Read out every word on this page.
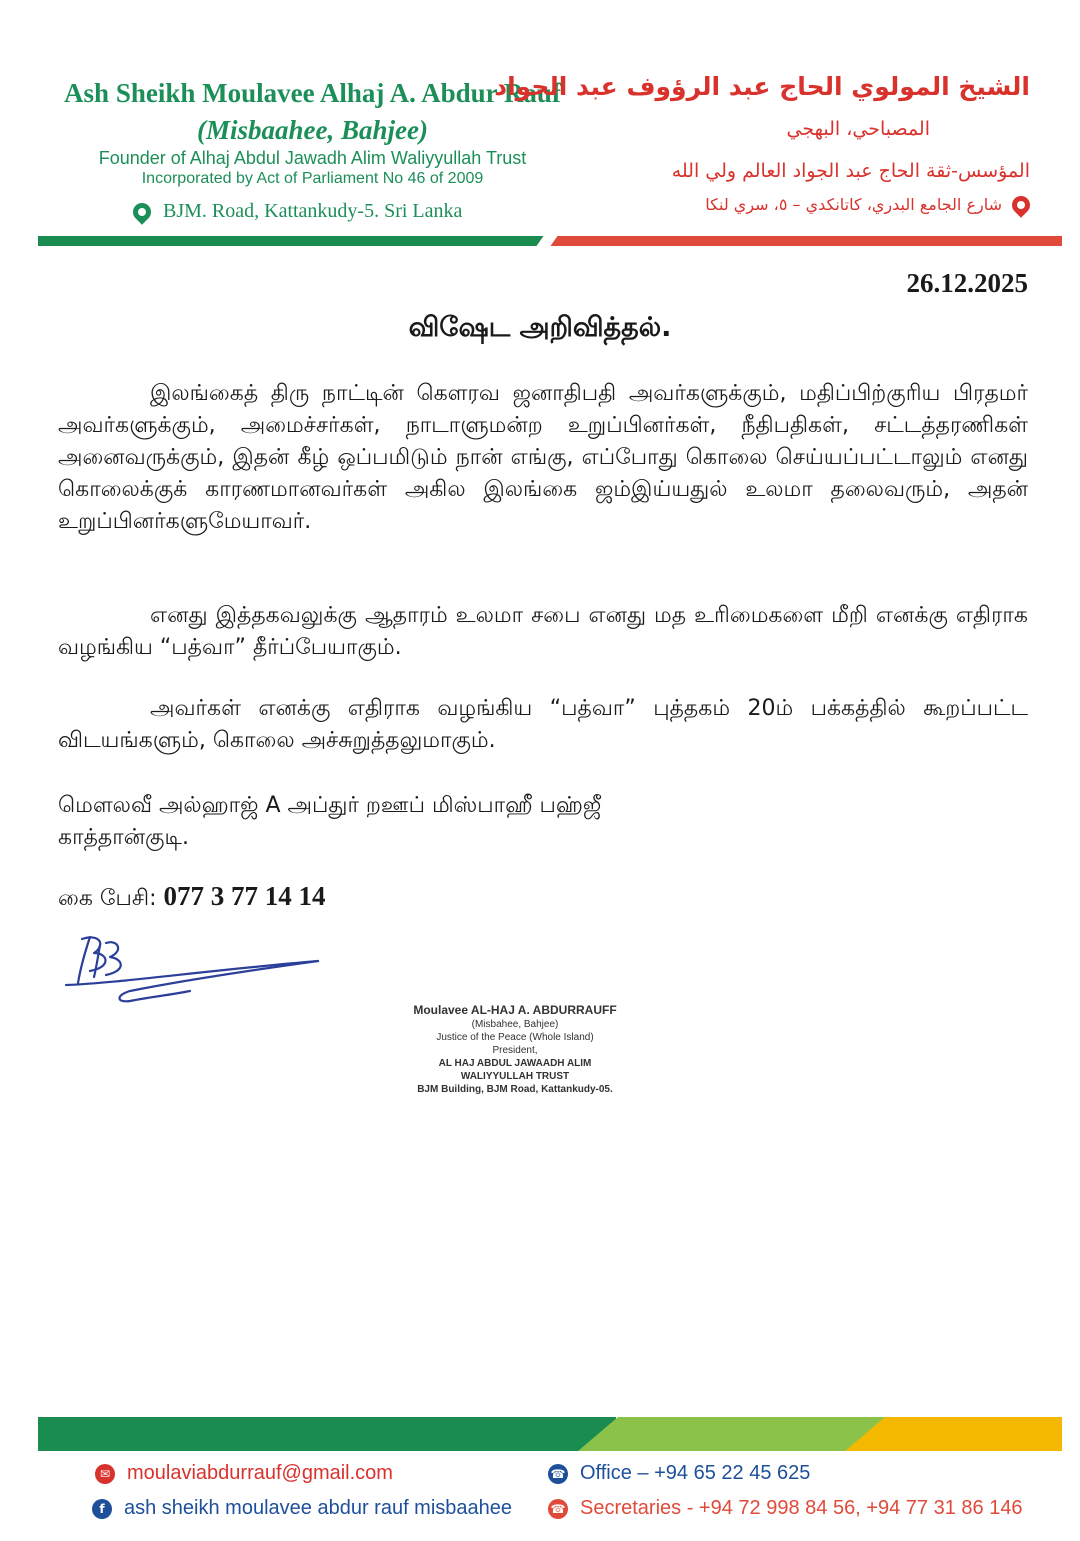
Ash Sheikh Moulavee Alhaj A. Abdur Rauf
(Misbaahee, Bahjee)
Founder of Alhaj Abdul Jawadh Alim Waliyyullah Trust
Incorporated by Act of Parliament No 46 of 2009
BJM. Road, Kattankudy-5. Sri Lanka
الشيخ المولوي الحاج عبد الرؤوف عبد الجواد
المصباحي، البهجي
المؤسس-ثقة الحاج عبد الجواد العالم ولي الله
شارع الجامع البدري، كاتانكدي – ٥، سري لنكا
26.12.2025
விஷேட அறிவித்தல்.
இலங்கைத் திரு நாட்டின் கௌரவ ஜனாதிபதி அவர்களுக்கும், மதிப்பிற்குரிய பிரதமர் அவர்களுக்கும், அமைச்சர்கள், நாடாளுமன்ற உறுப்பினர்கள், நீதிபதிகள், சட்டத்தரணிகள் அனைவருக்கும், இதன் கீழ் ஒப்பமிடும் நான் எங்கு, எப்போது கொலை செய்யப்பட்டாலும் எனது கொலைக்குக் காரணமானவர்கள் அகில இலங்கை ஜம்இய்யதுல் உலமா தலைவரும், அதன் உறுப்பினர்களுமேயாவர்.
எனது இத்தகவலுக்கு ஆதாரம் உலமா சபை எனது மத உரிமைகளை மீறி எனக்கு எதிராக வழங்கிய “பத்வா” தீர்ப்பேயாகும்.
அவர்கள் எனக்கு எதிராக வழங்கிய “பத்வா” புத்தகம் 20ம் பக்கத்தில் கூறப்பட்ட விடயங்களும், கொலை அச்சுறுத்தலுமாகும்.
மௌலவீ அல்ஹாஜ் A அப்துர் றஊப் மிஸ்பாஹீ பஹ்ஜீ
காத்தான்குடி.
கை பேசி: 077 3 77 14 14
Moulavee AL-HAJ A. ABDURRAUFF
(Misbahee, Bahjee)
Justice of the Peace (Whole Island)
President,
AL HAJ ABDUL JAWAADH ALIM
WALIYYULLAH TRUST
BJM Building, BJM Road, Kattankudy-05.
✉ moulaviabdurrauf@gmail.com
f ash sheikh moulavee abdur rauf misbaahee
☎ Office – +94 65 22 45 625
☎ Secretaries - +94 72 998 84 56, +94 77 31 86 146
